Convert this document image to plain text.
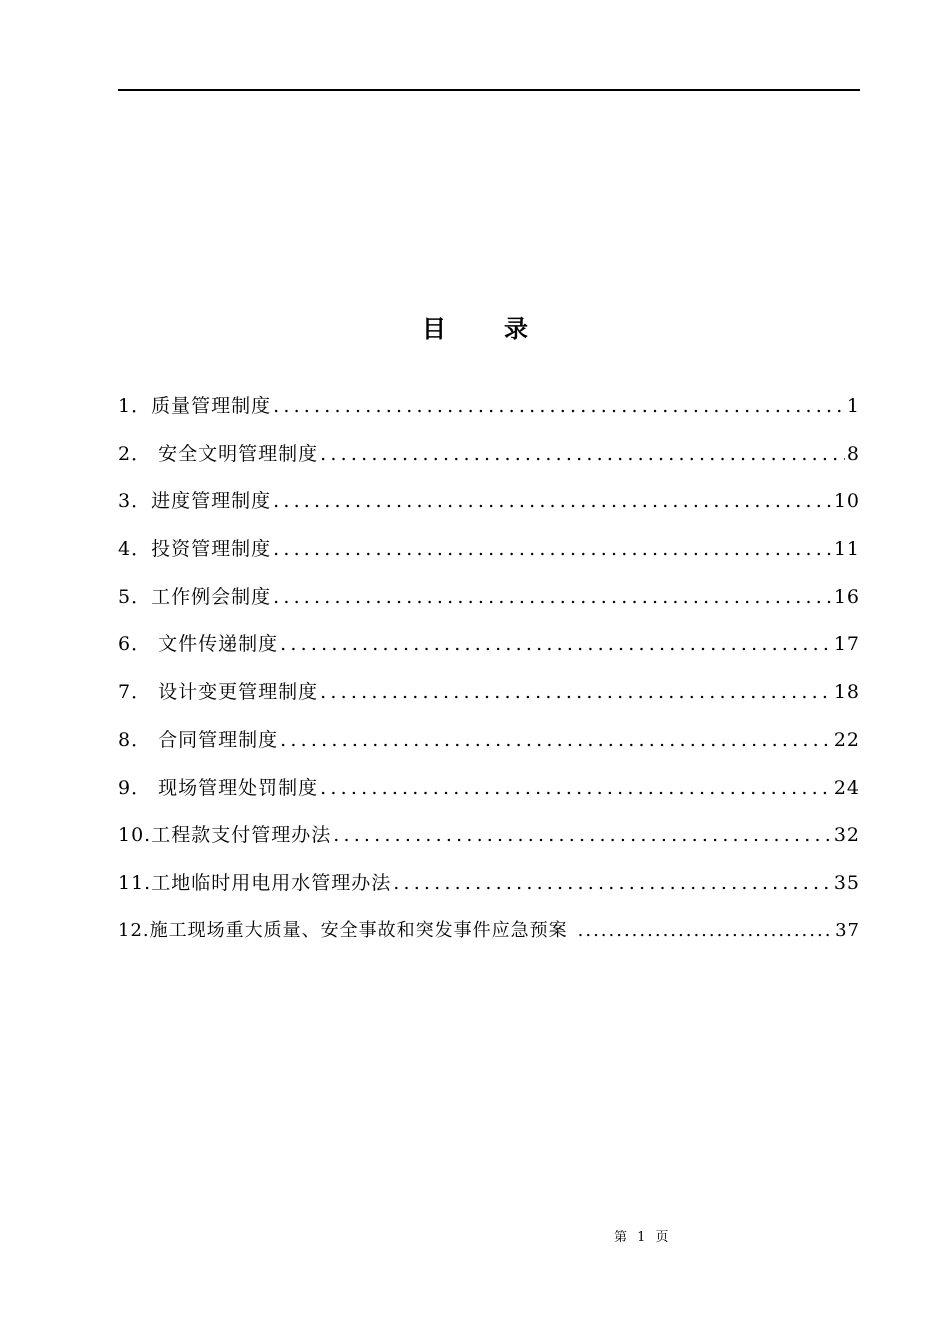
目 录
1．质量管理制度 .....	1
2． 安全文明管理制度 .....	8
3．进度管理制度 .....	10
4．投资管理制度 .....	11
5．工作例会制度 .....	16
6． 文件传递制度 .....	17
7． 设计变更管理制度 .....	18
8． 合同管理制度 .....	22
9． 现场管理处罚制度 .....	24
10.工程款支付管理办法 .....	32
11.工地临时用电用水管理办法 .....	35
12.施工现场重大质量、安全事故和突发事件应急预案 .....	37
第 1 页
